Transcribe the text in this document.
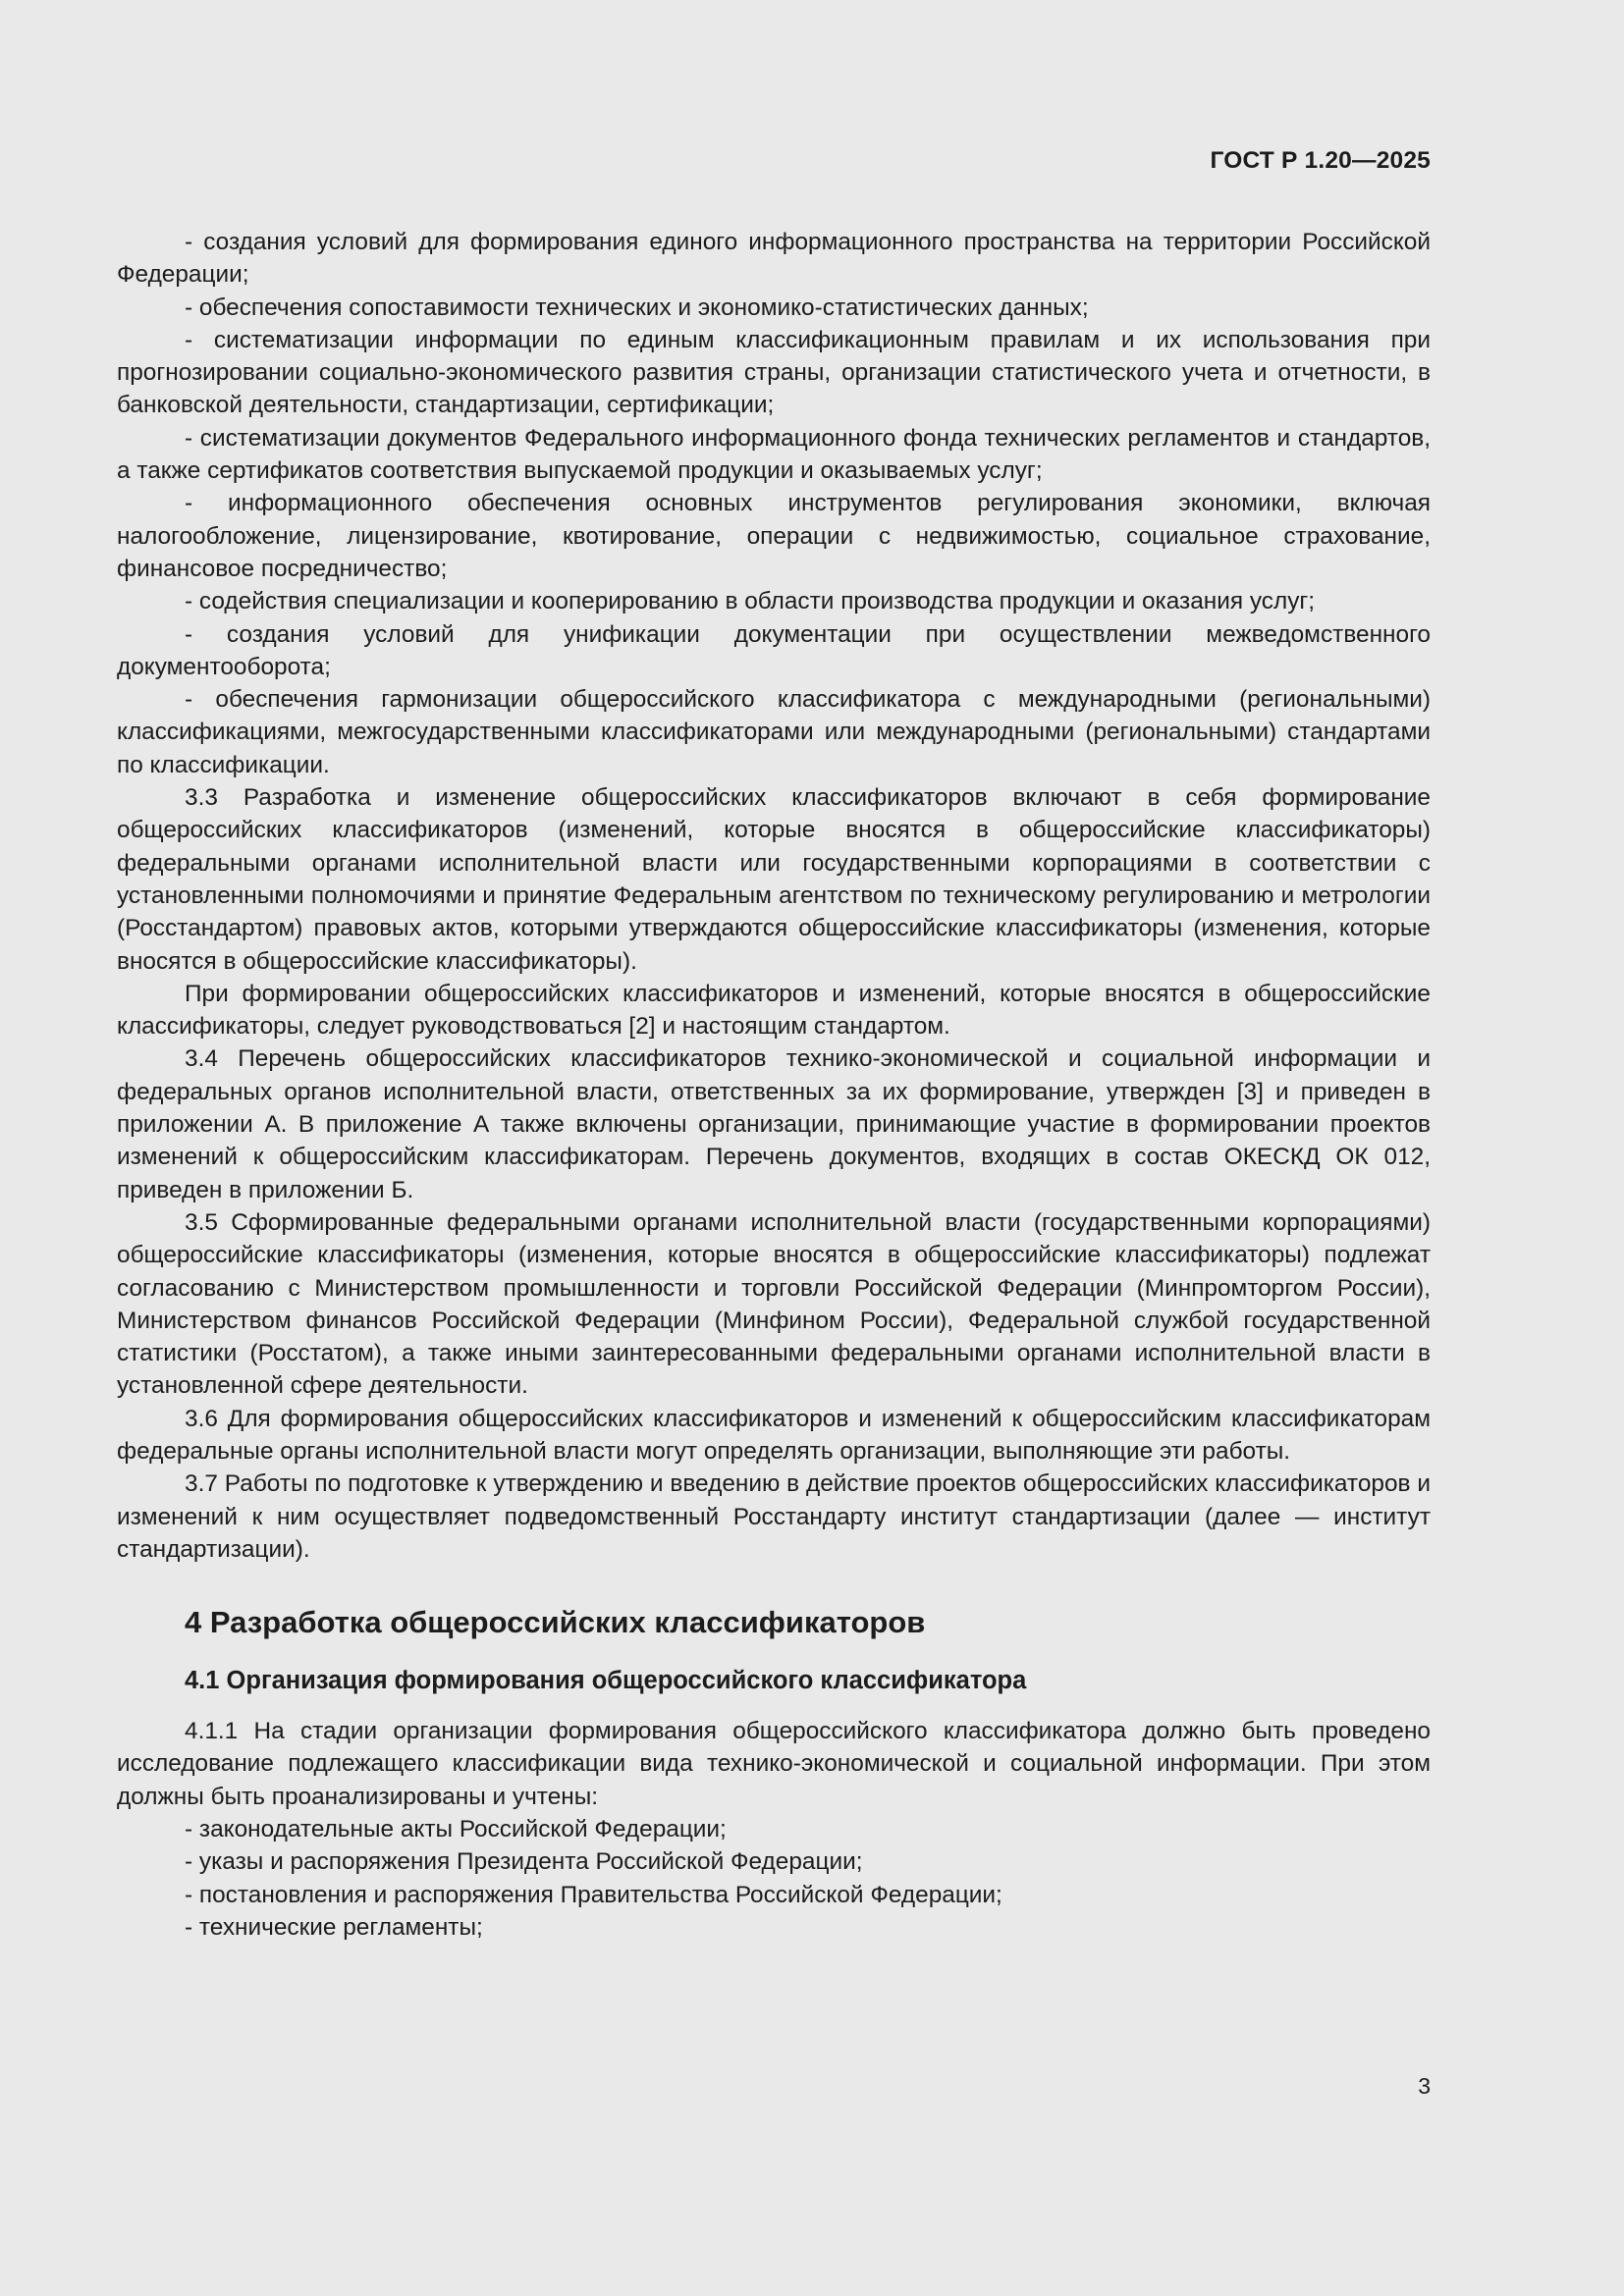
ГОСТ Р 1.20—2025

- создания условий для формирования единого информационного пространства на территории Российской Федерации;

- обеспечения сопоставимости технических и экономико-статистических данных;

- систематизации информации по единым классификационным правилам и их использования при прогнозировании социально-экономического развития страны, организации статистического учета и отчетности, в банковской деятельности, стандартизации, сертификации;

- систематизации документов Федерального информационного фонда технических регламентов и стандартов, а также сертификатов соответствия выпускаемой продукции и оказываемых услуг;

- информационного обеспечения основных инструментов регулирования экономики, включая налогообложение, лицензирование, квотирование, операции с недвижимостью, социальное страхование, финансовое посредничество;

- содействия специализации и кооперированию в области производства продукции и оказания услуг;

- создания условий для унификации документации при осуществлении межведомственного документооборота;

- обеспечения гармонизации общероссийского классификатора с международными (региональными) классификациями, межгосударственными классификаторами или международными (региональными) стандартами по классификации.

3.3 Разработка и изменение общероссийских классификаторов включают в себя формирование общероссийских классификаторов (изменений, которые вносятся в общероссийские классификаторы) федеральными органами исполнительной власти или государственными корпорациями в соответствии с установленными полномочиями и принятие Федеральным агентством по техническому регулированию и метрологии (Росстандартом) правовых актов, которыми утверждаются общероссийские классификаторы (изменения, которые вносятся в общероссийские классификаторы).

При формировании общероссийских классификаторов и изменений, которые вносятся в общероссийские классификаторы, следует руководствоваться [2] и настоящим стандартом.

3.4 Перечень общероссийских классификаторов технико-экономической и социальной информации и федеральных органов исполнительной власти, ответственных за их формирование, утвержден [3] и приведен в приложении А. В приложение А также включены организации, принимающие участие в формировании проектов изменений к общероссийским классификаторам. Перечень документов, входящих в состав ОКЕСКД ОК 012, приведен в приложении Б.

3.5 Сформированные федеральными органами исполнительной власти (государственными корпорациями) общероссийские классификаторы (изменения, которые вносятся в общероссийские классификаторы) подлежат согласованию с Министерством промышленности и торговли Российской Федерации (Минпромторгом России), Министерством финансов Российской Федерации (Минфином России), Федеральной службой государственной статистики (Росстатом), а также иными заинтересованными федеральными органами исполнительной власти в установленной сфере деятельности.

3.6 Для формирования общероссийских классификаторов и изменений к общероссийским классификаторам федеральные органы исполнительной власти могут определять организации, выполняющие эти работы.

3.7 Работы по подготовке к утверждению и введению в действие проектов общероссийских классификаторов и изменений к ним осуществляет подведомственный Росстандарту институт стандартизации (далее — институт стандартизации).

4 Разработка общероссийских классификаторов
4.1 Организация формирования общероссийского классификатора

4.1.1 На стадии организации формирования общероссийского классификатора должно быть проведено исследование подлежащего классификации вида технико-экономической и социальной информации. При этом должны быть проанализированы и учтены:

- законодательные акты Российской Федерации;

- указы и распоряжения Президента Российской Федерации;

- постановления и распоряжения Правительства Российской Федерации;

- технические регламенты;

3
